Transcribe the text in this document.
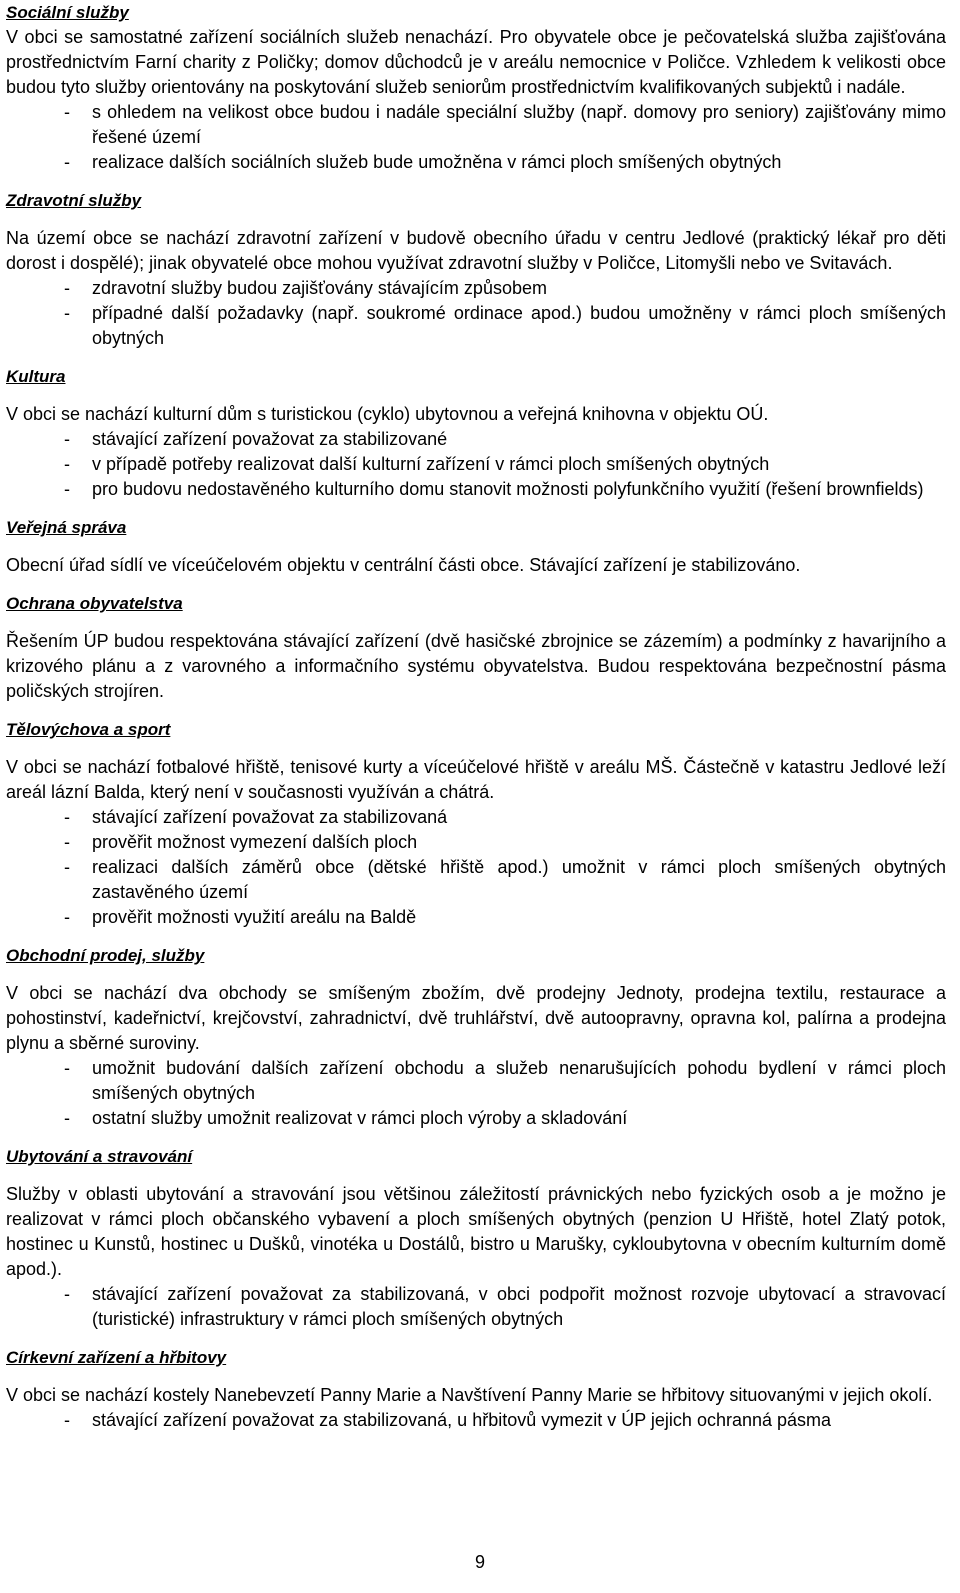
Sociální služby

V obci se samostatné zařízení sociálních služeb nenachází. Pro obyvatele obce je pečovatelská služba zajišťována prostřednictvím Farní charity z Poličky; domov důchodců je v areálu nemocnice v Poličce. Vzhledem k velikosti obce budou tyto služby orientovány na poskytování služeb seniorům prostřednictvím kvalifikovaných subjektů i nadále.

- s ohledem na velikost obce budou i nadále speciální služby (např. domovy pro seniory) zajišťovány mimo řešené území
- realizace dalších sociálních služeb bude umožněna v rámci ploch smíšených obytných
Zdravotní služby

Na území obce se nachází zdravotní zařízení v budově obecního úřadu v centru Jedlové (praktický lékař pro děti dorost i dospělé); jinak obyvatelé obce mohou využívat zdravotní služby v Poličce, Litomyšli nebo ve Svitavách.

- zdravotní služby budou zajišťovány stávajícím způsobem
- případné další požadavky (např. soukromé ordinace apod.) budou umožněny v rámci ploch smíšených obytných
Kultura

V obci se nachází kulturní dům s turistickou (cyklo) ubytovnou a veřejná knihovna v objektu OÚ.

- stávající zařízení považovat za stabilizované
- v případě potřeby realizovat další kulturní zařízení v rámci ploch smíšených obytných
- pro budovu nedostavěného kulturního domu stanovit možnosti polyfunkčního využití (řešení brownfields)
Veřejná správa

Obecní úřad sídlí ve víceúčelovém objektu v centrální části obce. Stávající zařízení je stabilizováno.

Ochrana obyvatelstva

Řešením ÚP budou respektována stávající zařízení (dvě hasičské zbrojnice se zázemím) a podmínky z havarijního a krizového plánu a z varovného a informačního systému obyvatelstva. Budou respektována bezpečnostní pásma poličských strojíren.

Tělovýchova a sport

V obci se nachází fotbalové hřiště, tenisové kurty a víceúčelové hřiště v areálu MŠ. Částečně v katastru Jedlové leží areál lázní Balda, který není v současnosti využíván a chátrá.

- stávající zařízení považovat za stabilizovaná
- prověřit možnost vymezení dalších ploch
- realizaci dalších záměrů obce (dětské hřiště apod.) umožnit v rámci ploch smíšených obytných zastavěného území
- prověřit možnosti využití areálu na Baldě
Obchodní prodej, služby

V obci se nachází dva obchody se smíšeným zbožím, dvě prodejny Jednoty, prodejna textilu, restaurace a pohostinství, kadeřnictví, krejčovství, zahradnictví, dvě truhlářství, dvě autoopravny, opravna kol, palírna a prodejna plynu a sběrné suroviny.

- umožnit budování dalších zařízení obchodu a služeb nenarušujících pohodu bydlení v rámci ploch smíšených obytných
- ostatní služby umožnit realizovat v rámci ploch výroby a skladování
Ubytování a stravování

Služby v oblasti ubytování a stravování jsou většinou záležitostí právnických nebo fyzických osob a je možno je realizovat v rámci ploch občanského vybavení a ploch smíšených obytných (penzion U Hřiště, hotel Zlatý potok, hostinec u Kunstů, hostinec u Dušků, vinotéka u Dostálů, bistro u Marušky, cykloubytovna v obecním kulturním domě apod.).

- stávající zařízení považovat za stabilizovaná, v obci podpořit možnost rozvoje ubytovací a stravovací (turistické) infrastruktury v rámci ploch smíšených obytných
Církevní zařízení a hřbitovy

V obci se nachází kostely Nanebevzetí Panny Marie a Navštívení Panny Marie se hřbitovy situovanými v jejich okolí.

- stávající zařízení považovat za stabilizovaná, u hřbitovů vymezit v ÚP jejich ochranná pásma
9
